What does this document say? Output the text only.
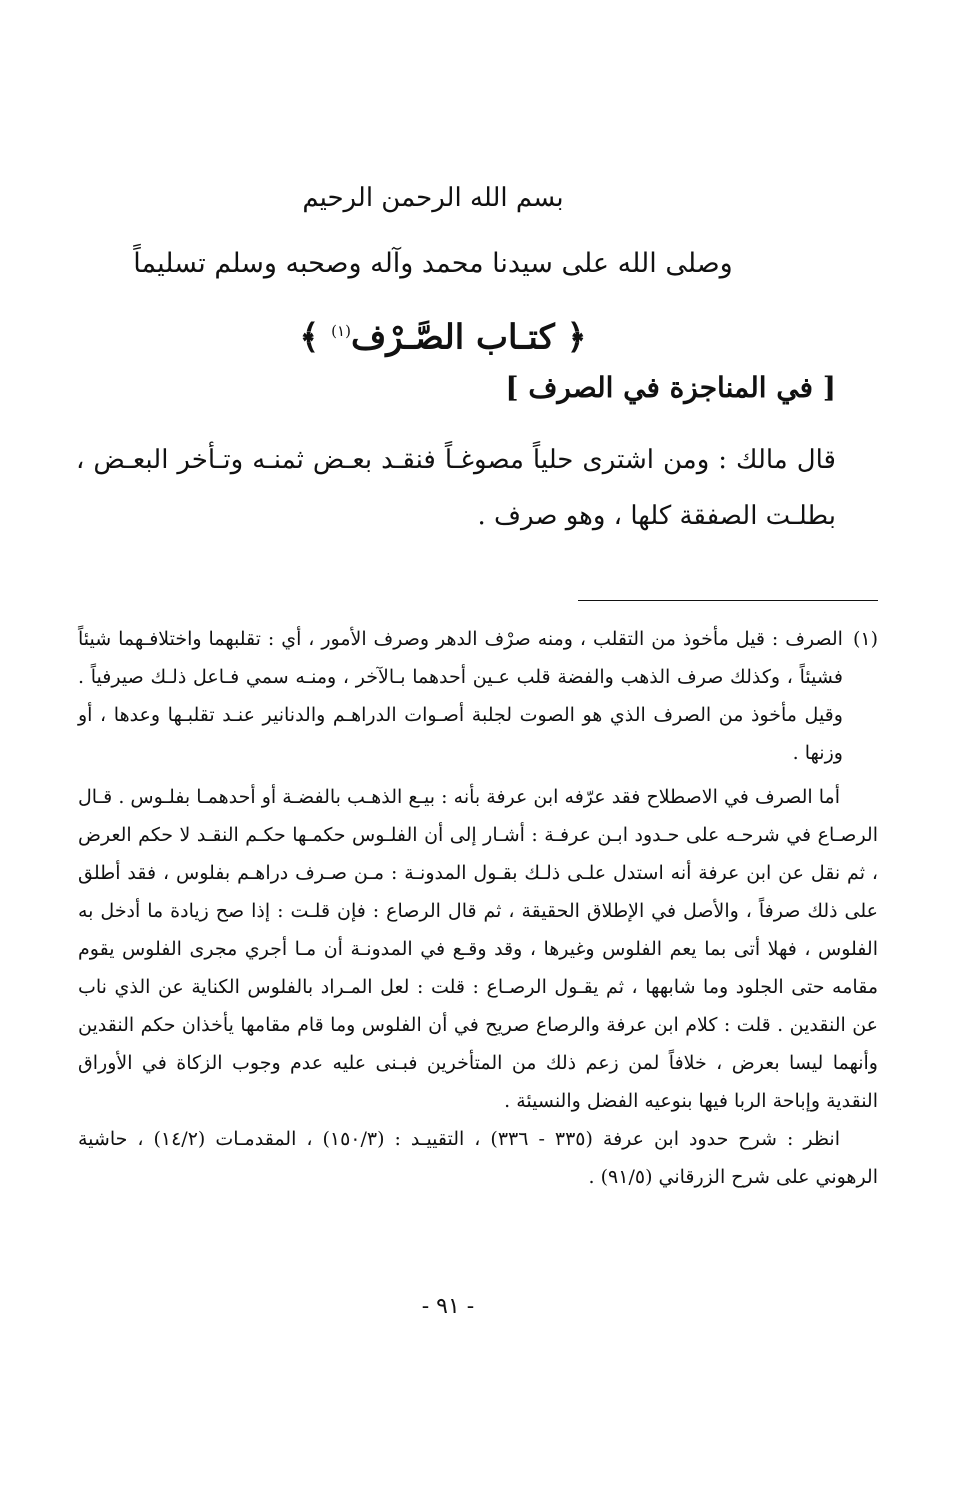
بسم الله الرحمن الرحيم
وصلى الله على سيدنا محمد وآله وصحبه وسلم تسليماً
﴿ كتـاب الصَّـرْف$^{(١)}$ ﴾
[ في المناجزة في الصرف ]
قال مالك : ومن اشترى حلياً مصوغـاً فنقـد بعـض ثمنـه وتـأخر البعـض ، بطلـت الصفقة كلها ، وهو صرف .
(١)
الصرف : قيل مأخوذ من التقلب ، ومنه صرْف الدهر وصرف الأمور ، أي : تقلبهما واختلافـهما شيئاً فشيئاً ، وكذلك صرف الذهب والفضة قلب عـين أحدهما بـالآخر ، ومنـه سمي فـاعل ذلـك صيرفياً . وقيل مأخوذ من الصرف الذي هو الصوت لجلبة أصـوات الدراهـم والدنانير عنـد تقلبـها وعدها ، أو وزنها .

أما الصرف في الاصطلاح فقد عرّفه ابن عرفة بأنه : بيـع الذهـب بالفضـة أو أحدهمـا بفلـوس . قـال الرصـاع في شرحـه على حـدود ابـن عرفـة : أشـار إلى أن الفلـوس حكمـها حكـم النقـد لا حكم العرض ، ثم نقل عن ابن عرفة أنه استدل علـى ذلـك بقـول المدونـة : مـن صـرف دراهـم بفلوس ، فقد أطلق على ذلك صرفاً ، والأصل في الإطلاق الحقيقة ، ثم قال الرصاع : فإن قلـت : إذا صح زيادة ما أدخل به الفلوس ، فهلا أتى بما يعم الفلوس وغيرها ، وقد وقـع في المدونـة أن مـا أجري مجرى الفلوس يقوم مقامه حتى الجلود وما شابهها ، ثم يقـول الرصـاع : قلت : لعل المـراد بالفلوس الكناية عن الذي ناب عن النقدين . قلت : كلام ابن عرفة والرصاع صريح في أن الفلوس وما قام مقامها يأخذان حكم النقدين وأنهما ليسا بعرض ، خلافاً لمن زعم ذلك من المتأخرين فبـنى عليه عدم وجوب الزكاة في الأوراق النقدية وإباحة الربا فيها بنوعيه الفضل والنسيئة .

انظر : شرح حدود ابن عرفة (٣٣٥ - ٣٣٦) ، التقييـد : (١٥٠/٣) ، المقدمـات (١٤/٢) ، حاشية الرهوني على شرح الزرقاني (٩١/٥) .

- ٩١ -
